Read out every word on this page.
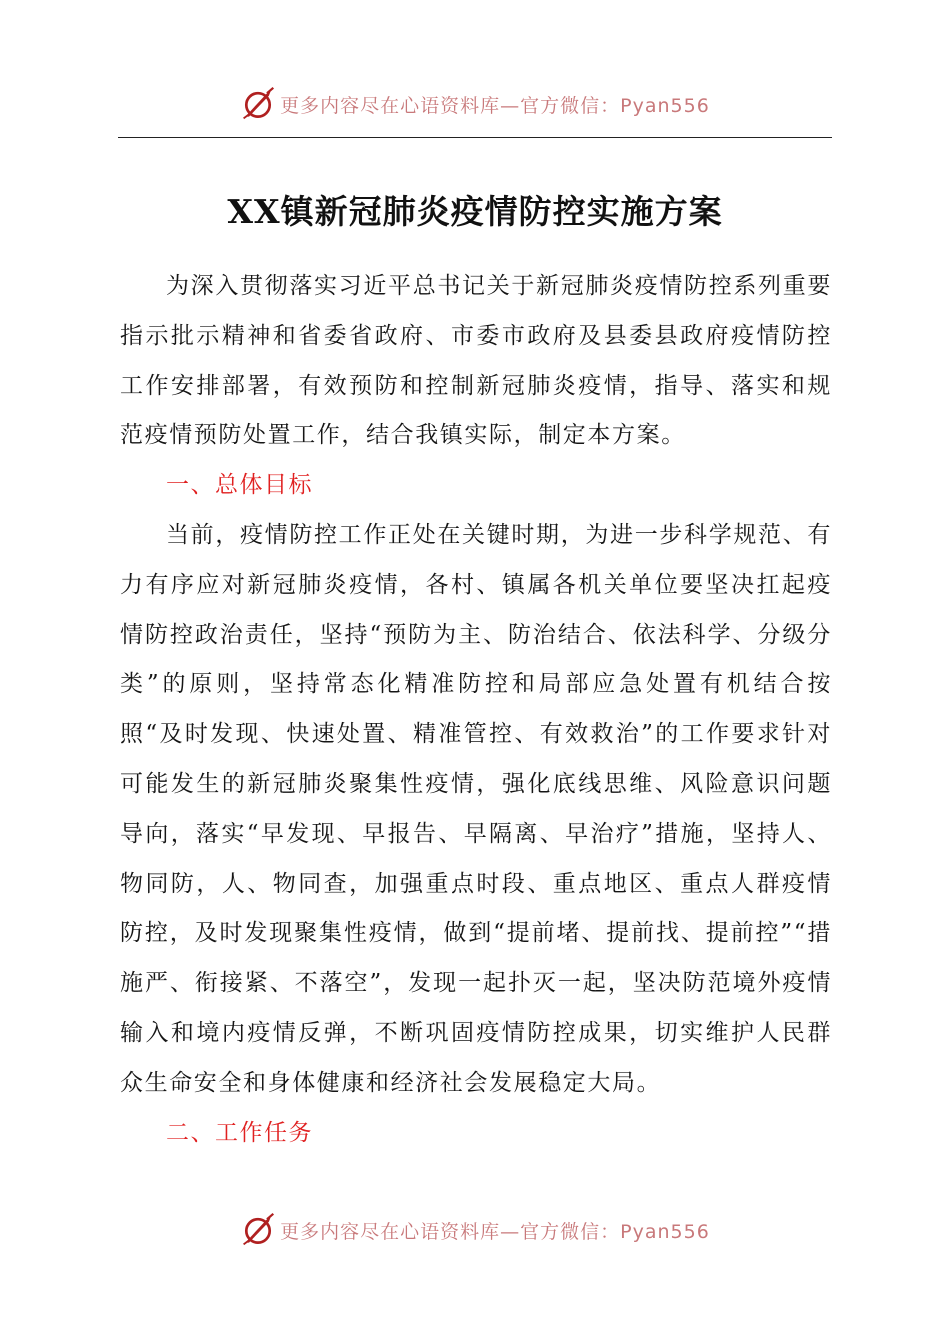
更多内容尽在心语资料库—官方微信：Pyan556
XX镇新冠肺炎疫情防控实施方案

为深入贯彻落实习近平总书记关于新冠肺炎疫情防控系列重要指示批示精神和省委省政府、市委市政府及县委县政府疫情防控工作安排部署，有效预防和控制新冠肺炎疫情，指导、落实和规范疫情预防处置工作，结合我镇实际，制定本方案。

一、总体目标

当前，疫情防控工作正处在关键时期，为进一步科学规范、有力有序应对新冠肺炎疫情，各村、镇属各机关单位要坚决扛起疫情防控政治责任，坚持“预防为主、防治结合、依法科学、分级分类”的原则，坚持常态化精准防控和局部应急处置有机结合按照“及时发现、快速处置、精准管控、有效救治”的工作要求针对可能发生的新冠肺炎聚集性疫情，强化底线思维、风险意识问题导向，落实“早发现、早报告、早隔离、早治疗”措施，坚持人、物同防，人、物同查，加强重点时段、重点地区、重点人群疫情防控，及时发现聚集性疫情，做到“提前堵、提前找、提前控”“措施严、衔接紧、不落空”，发现一起扑灭一起，坚决防范境外疫情输入和境内疫情反弹，不断巩固疫情防控成果，切实维护人民群众生命安全和身体健康和经济社会发展稳定大局。

二、工作任务

更多内容尽在心语资料库—官方微信：Pyan556
